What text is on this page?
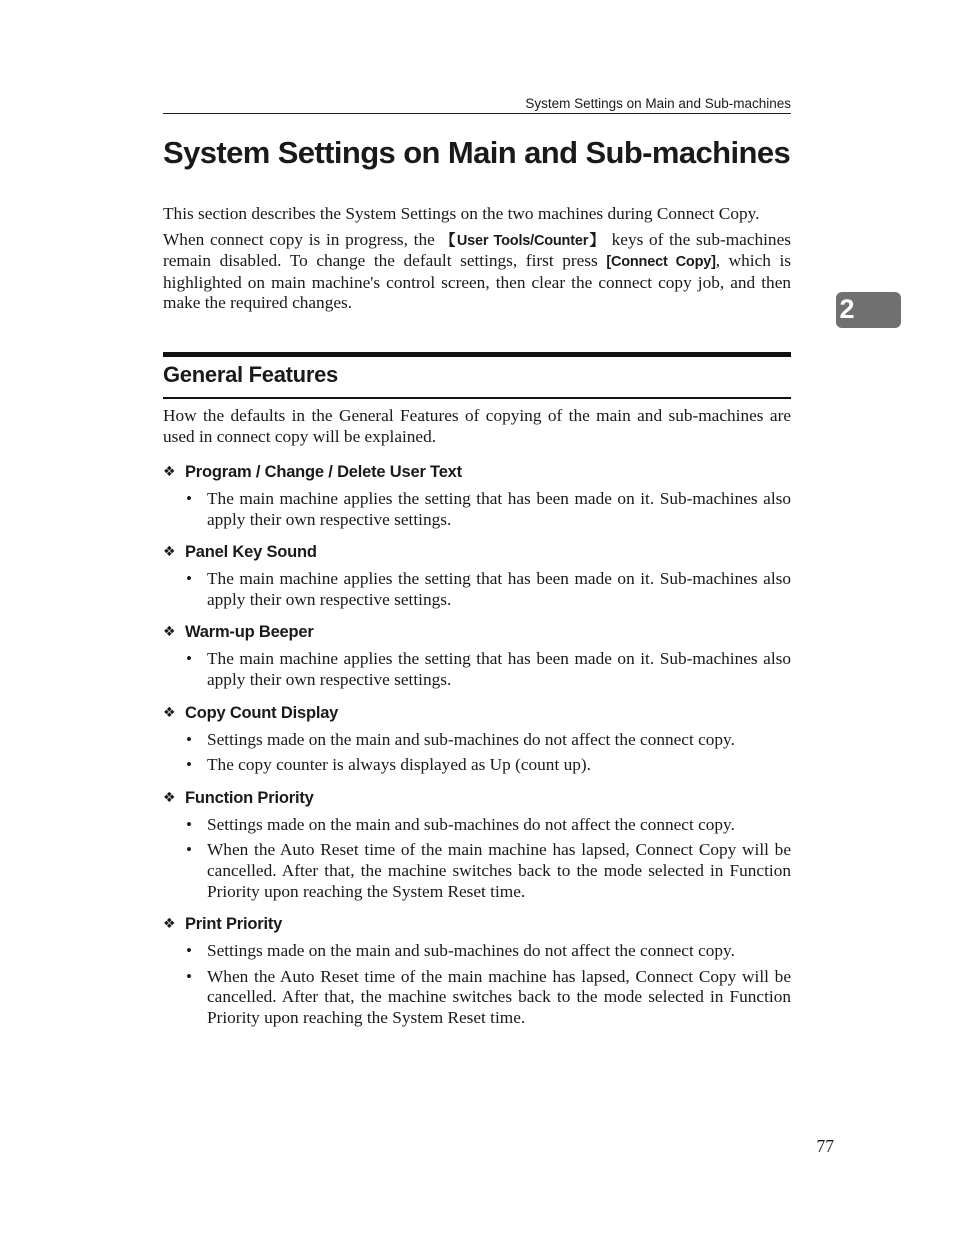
System Settings on Main and Sub-machines
System Settings on Main and Sub-machines

This section describes the System Settings on the two machines during Connect Copy.

When connect copy is in progress, the 【User Tools/Counter】 keys of the sub-machines remain disabled. To change the default settings, first press [Connect Copy], which is highlighted on main machine's control screen, then clear the connect copy job, and then make the required changes.	2
General Features

How the defaults in the General Features of copying of the main and sub-machines are used in connect copy will be explained.

❖ Program / Change / Delete User Text
• The main machine applies the setting that has been made on it. Sub-machines also apply their own respective settings.
❖ Panel Key Sound
• The main machine applies the setting that has been made on it. Sub-machines also apply their own respective settings.
❖ Warm-up Beeper
• The main machine applies the setting that has been made on it. Sub-machines also apply their own respective settings.
❖ Copy Count Display
• Settings made on the main and sub-machines do not affect the connect copy.
• The copy counter is always displayed as Up (count up).
❖ Function Priority
• Settings made on the main and sub-machines do not affect the connect copy.
• When the Auto Reset time of the main machine has lapsed, Connect Copy will be cancelled. After that, the machine switches back to the mode selected in Function Priority upon reaching the System Reset time.
❖ Print Priority
• Settings made on the main and sub-machines do not affect the connect copy.
• When the Auto Reset time of the main machine has lapsed, Connect Copy will be cancelled. After that, the machine switches back to the mode selected in Function Priority upon reaching the System Reset time.
77
